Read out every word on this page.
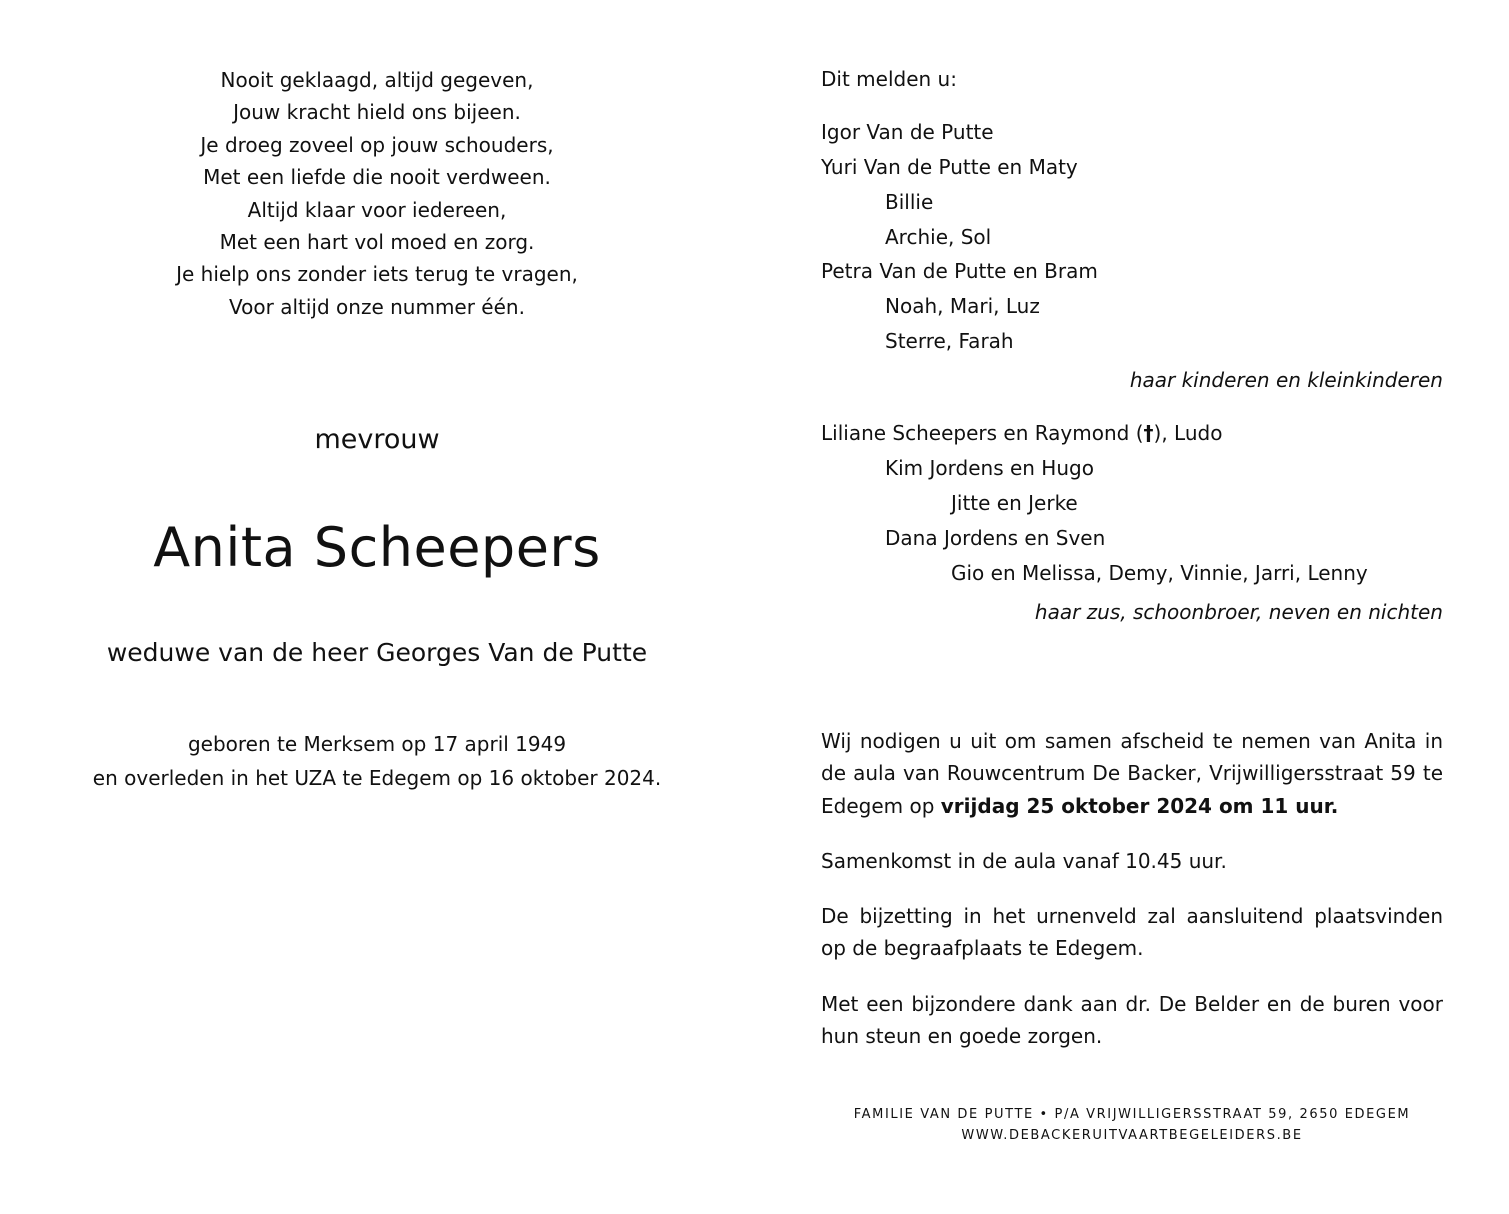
Nooit geklaagd, altijd gegeven,
Jouw kracht hield ons bijeen.
Je droeg zoveel op jouw schouders,
Met een liefde die nooit verdween.
Altijd klaar voor iedereen,
Met een hart vol moed en zorg.
Je hielp ons zonder iets terug te vragen,
Voor altijd onze nummer één.
mevrouw
Anita Scheepers
weduwe van de heer Georges Van de Putte
geboren te Merksem op 17 april 1949
en overleden in het UZA te Edegem op 16 oktober 2024.
Dit melden u:
Igor Van de Putte
Yuri Van de Putte en Maty
Billie
Archie, Sol
Petra Van de Putte en Bram
Noah, Mari, Luz
Sterre, Farah
haar kinderen en kleinkinderen
Liliane Scheepers en Raymond (†), Ludo
Kim Jordens en Hugo
Jitte en Jerke
Dana Jordens en Sven
Gio en Melissa, Demy, Vinnie, Jarri, Lenny
haar zus, schoonbroer, neven en nichten
Wij nodigen u uit om samen afscheid te nemen van Anita in de aula van Rouwcentrum De Backer, Vrijwilligersstraat 59 te Edegem op vrijdag 25 oktober 2024 om 11 uur.
Samenkomst in de aula vanaf 10.45 uur.
De bijzetting in het urnenveld zal aansluitend plaatsvinden op de begraafplaats te Edegem.
Met een bijzondere dank aan dr. De Belder en de buren voor hun steun en goede zorgen.
FAMILIE VAN DE PUTTE • P/A VRIJWILLIGERSSTRAAT 59, 2650 EDEGEM
WWW.DEBACKERUITVAARTBEGELEIDERS.BE
